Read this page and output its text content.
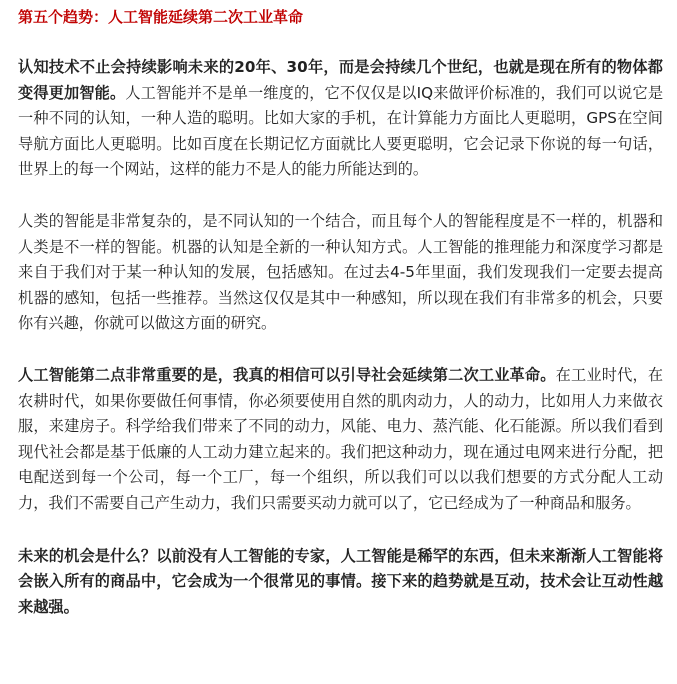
第五个趋势：人工智能延续第二次工业革命

认知技术不止会持续影响未来的20年、30年，而是会持续几个世纪，也就是现在所有的物体都变得更加智能。人工智能并不是单一维度的，它不仅仅是以IQ来做评价标准的，我们可以说它是一种不同的认知，一种人造的聪明。比如大家的手机，在计算能力方面比人更聪明，GPS在空间导航方面比人更聪明。比如百度在长期记忆方面就比人要更聪明，它会记录下你说的每一句话，世界上的每一个网站，这样的能力不是人的能力所能达到的。

人类的智能是非常复杂的，是不同认知的一个结合，而且每个人的智能程度是不一样的，机器和人类是不一样的智能。机器的认知是全新的一种认知方式。人工智能的推理能力和深度学习都是来自于我们对于某一种认知的发展，包括感知。在过去4-5年里面，我们发现我们一定要去提高机器的感知，包括一些推荐。当然这仅仅是其中一种感知，所以现在我们有非常多的机会，只要你有兴趣，你就可以做这方面的研究。

人工智能第二点非常重要的是，我真的相信可以引导社会延续第二次工业革命。在工业时代，在农耕时代，如果你要做任何事情，你必须要使用自然的肌肉动力，人的动力，比如用人力来做衣服，来建房子。科学给我们带来了不同的动力，风能、电力、蒸汽能、化石能源。所以我们看到现代社会都是基于低廉的人工动力建立起来的。我们把这种动力，现在通过电网来进行分配，把电配送到每一个公司，每一个工厂，每一个组织，所以我们可以以我们想要的方式分配人工动力，我们不需要自己产生动力，我们只需要买动力就可以了，它已经成为了一种商品和服务。

未来的机会是什么？以前没有人工智能的专家，人工智能是稀罕的东西，但未来渐渐人工智能将会嵌入所有的商品中，它会成为一个很常见的事情。接下来的趋势就是互动，技术会让互动性越来越强。
